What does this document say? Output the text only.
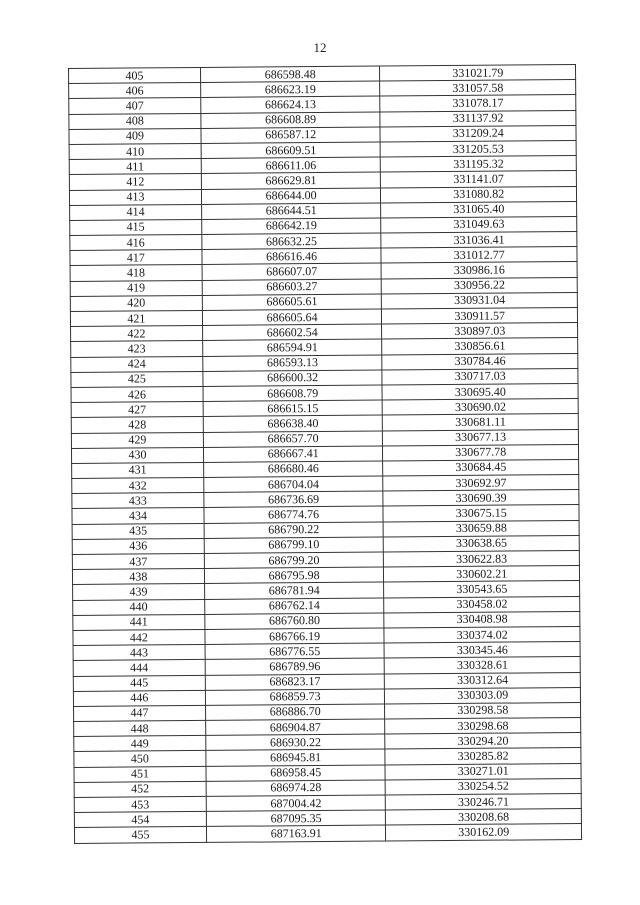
12
405	686598.48	331021.79
406	686623.19	331057.58
407	686624.13	331078.17
408	686608.89	331137.92
409	686587.12	331209.24
410	686609.51	331205.53
411	686611.06	331195.32
412	686629.81	331141.07
413	686644.00	331080.82
414	686644.51	331065.40
415	686642.19	331049.63
416	686632.25	331036.41
417	686616.46	331012.77
418	686607.07	330986.16
419	686603.27	330956.22
420	686605.61	330931.04
421	686605.64	330911.57
422	686602.54	330897.03
423	686594.91	330856.61
424	686593.13	330784.46
425	686600.32	330717.03
426	686608.79	330695.40
427	686615.15	330690.02
428	686638.40	330681.11
429	686657.70	330677.13
430	686667.41	330677.78
431	686680.46	330684.45
432	686704.04	330692.97
433	686736.69	330690.39
434	686774.76	330675.15
435	686790.22	330659.88
436	686799.10	330638.65
437	686799.20	330622.83
438	686795.98	330602.21
439	686781.94	330543.65
440	686762.14	330458.02
441	686760.80	330408.98
442	686766.19	330374.02
443	686776.55	330345.46
444	686789.96	330328.61
445	686823.17	330312.64
446	686859.73	330303.09
447	686886.70	330298.58
448	686904.87	330298.68
449	686930.22	330294.20
450	686945.81	330285.82
451	686958.45	330271.01
452	686974.28	330254.52
453	687004.42	330246.71
454	687095.35	330208.68
455	687163.91	330162.09
